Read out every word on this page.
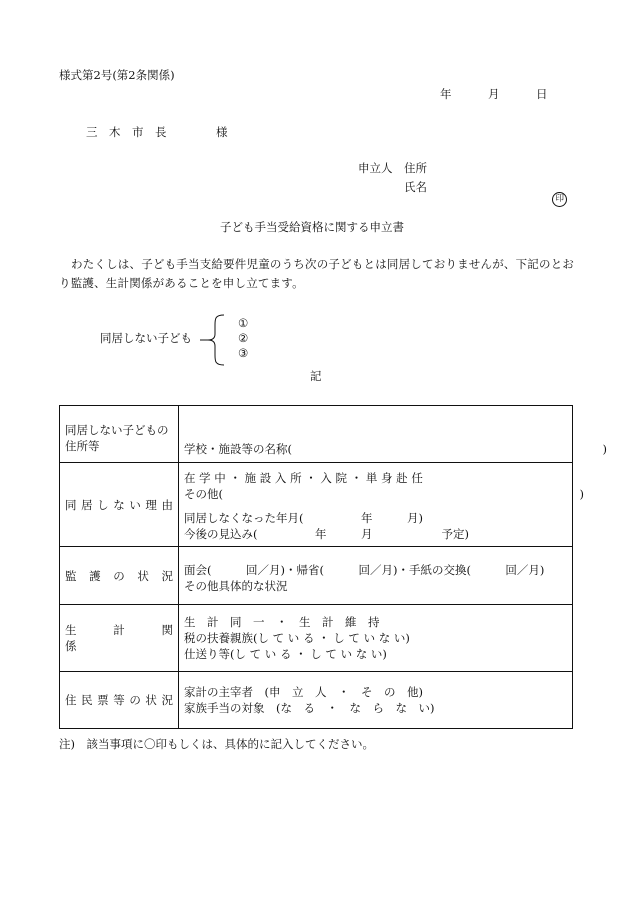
様式第2号(第2条関係)
年	月	日
三　木　市　長	様
申立人 住所
氏名

印

子ども手当受給資格に関する申立書
わたくしは、子ども手当支給要件児童のうち次の子どもとは同居しておりませんが、下記のとおり監護、生計関係があることを申し立てます。
同居しない子ども
①
②
③
記
同居しない子どもの住所等	学校・施設等の名称(　　　　　　　　　　　　　　　　　　　　　　　　　　　)

同 居 し な い 理 由	在 学 中 ・ 施 設 入 所 ・ 入 院 ・ 単 身 赴 任
その他(　　　　　　　　　　　　　　　　　　　　　　　　　　　　　　　)
同居しなくなった年月(　　　　　年　　　月)
今後の見込み(　　　　　年　　　月　　　　　　予定)

監　護　の　状　況	面会(　　　回／月)・帰省(　　　回／月)・手紙の交換(　　　回／月)
その他具体的な状況

生　　計　　関　　係	生　計　同　一　・　生　計　維　持
税の扶養親族(し て い る ・ し て い な い)
仕送り等(し て い る ・ し て い な い)

住 民 票 等 の 状 況	家計の主宰者　(申　立　人　・　そ　の　他)
家族手当の対象　(な　る　・　な　ら　な　い)
注)　該当事項に〇印もしくは、具体的に記入してください。
